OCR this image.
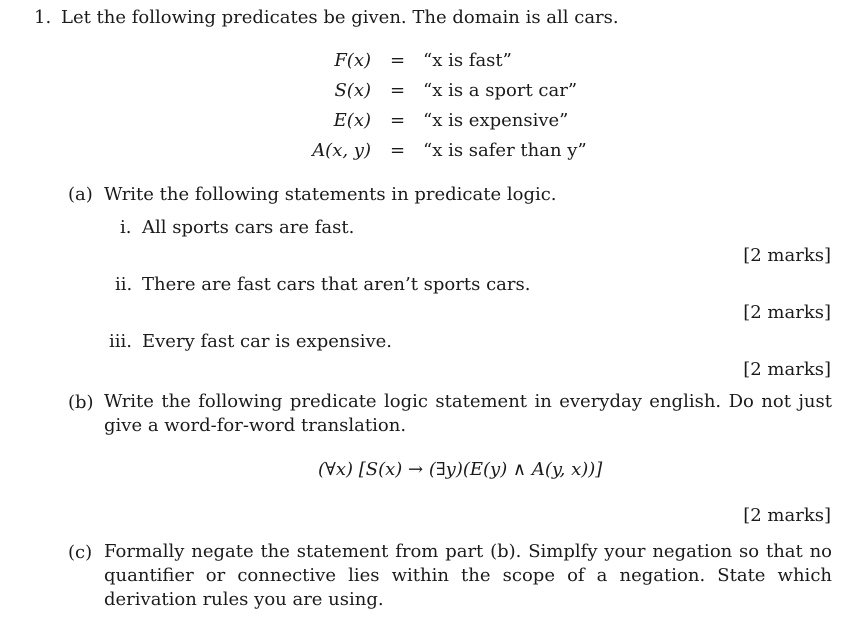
1. Let the following predicates be given. The domain is all cars.
F(x) = “x is fast”
S(x) = “x is a sport car”
E(x) = “x is expensive”
A(x, y) = “x is safer than y”
(a) Write the following statements in predicate logic.
i. All sports cars are fast.
[2 marks]
ii. There are fast cars that aren’t sports cars.
[2 marks]
iii. Every fast car is expensive.
[2 marks]
(b) Write the following predicate logic statement in everyday english. Do not just give a word-for-word translation.
(∀x) [S(x) → (∃y)(E(y) ∧ A(y, x))]
[2 marks]
(c) Formally negate the statement from part (b). Simplfy your negation so that no quantifier or connective lies within the scope of a negation. State which derivation rules you are using.
